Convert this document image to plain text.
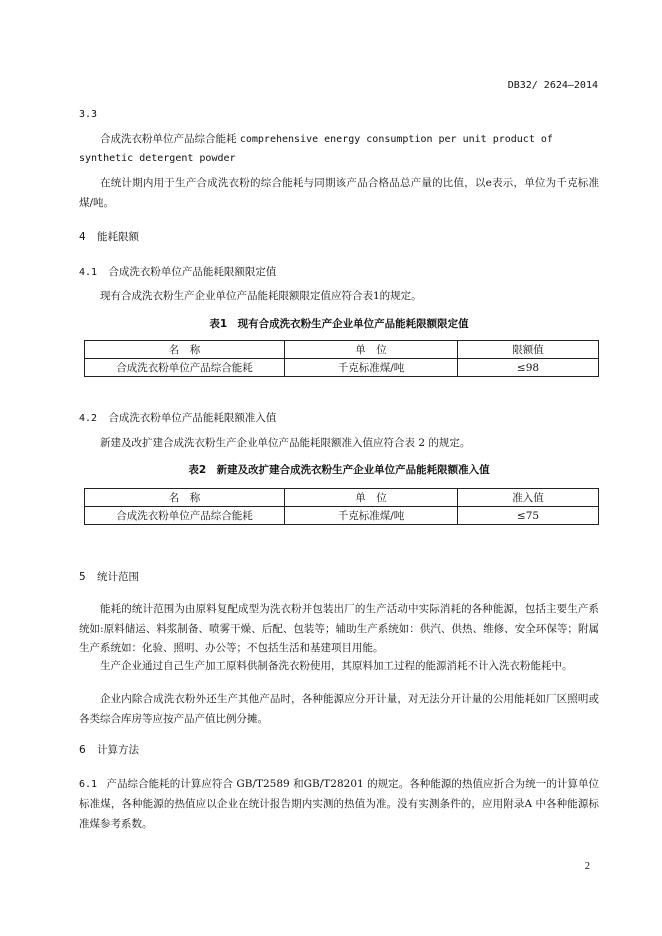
DB32/ 2624—2014
3.3
合成洗衣粉单位产品综合能耗 comprehensive energy consumption per unit product of synthetic detergent powder
在统计期内用于生产合成洗衣粉的综合能耗与同期该产品合格品总产量的比值，以e表示，单位为千克标准煤/吨。
4 能耗限额
4.1 合成洗衣粉单位产品能耗限额限定值
现有合成洗衣粉生产企业单位产品能耗限额限定值应符合表1的规定。
表1　现有合成洗衣粉生产企业单位产品能耗限额限定值
名　称	单　位	限额值
合成洗衣粉单位产品综合能耗	千克标准煤/吨	≤98
4.2 合成洗衣粉单位产品能耗限额准入值
新建及改扩建合成洗衣粉生产企业单位产品能耗限额准入值应符合表 2 的规定。
表2　新建及改扩建合成洗衣粉生产企业单位产品能耗限额准入值
名　称	单　位	准入值
合成洗衣粉单位产品综合能耗	千克标准煤/吨	≤75
5 统计范围
能耗的统计范围为由原料复配成型为洗衣粉并包装出厂的生产活动中实际消耗的各种能源，包括主要生产系统如:原料储运、料浆制备、喷雾干燥、后配、包装等；辅助生产系统如：供汽、供热、维修、安全环保等；附属生产系统如：化验、照明、办公等；不包括生活和基建项目用能。
生产企业通过自己生产加工原料供制备洗衣粉使用，其原料加工过程的能源消耗不计入洗衣粉能耗中。
企业内除合成洗衣粉外还生产其他产品时，各种能源应分开计量，对无法分开计量的公用能耗如厂区照明或各类综合库房等应按产品产值比例分摊。
6 计算方法
6.1 产品综合能耗的计算应符合 GB/T2589 和GB/T28201 的规定。各种能源的热值应折合为统一的计算单位标准煤，各种能源的热值应以企业在统计报告期内实测的热值为准。没有实测条件的，应用附录A 中各种能源标准煤参考系数。
2
